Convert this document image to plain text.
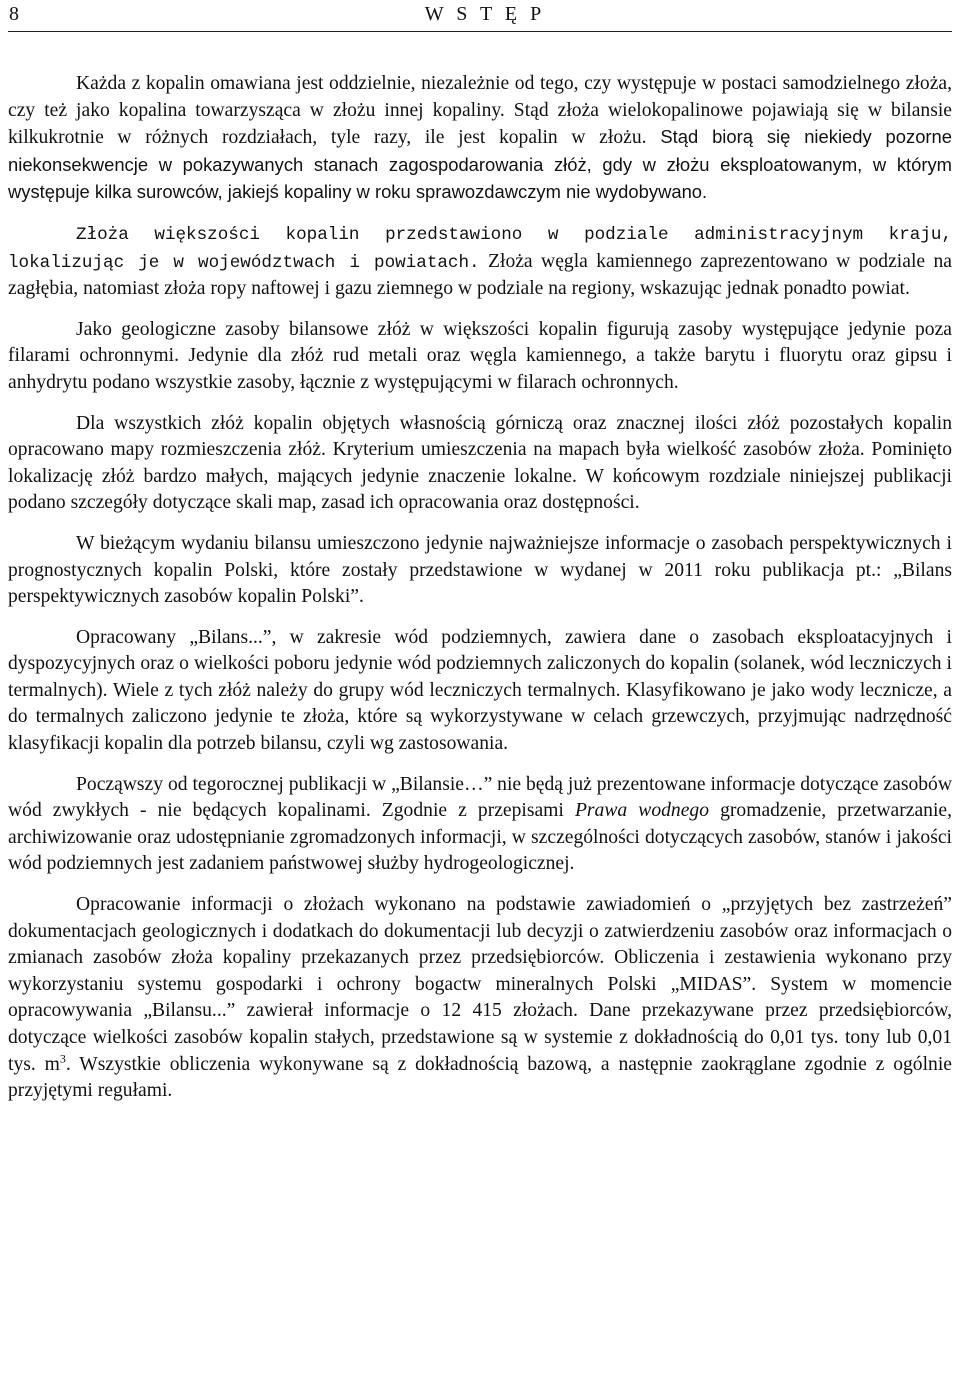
8	W S T Ę P

Każda z kopalin omawiana jest oddzielnie, niezależnie od tego, czy występuje w postaci samodzielnego złoża, czy też jako kopalina towarzysząca w złożu innej kopaliny. Stąd złoża wielokopalinowe pojawiają się w bilansie kilkukrotnie w różnych rozdziałach, tyle razy, ile jest kopalin w złożu. Stąd biorą się niekiedy pozorne niekonsekwencje w pokazywanych stanach zagospodarowania złóż, gdy w złożu eksploatowanym, w którym występuje kilka surowców, jakiejś kopaliny w roku sprawozdawczym nie wydobywano.

Złoża większości kopalin przedstawiono w podziale administracyjnym kraju, lokalizując je w województwach i powiatach. Złoża węgla kamiennego zaprezentowano w podziale na zagłębia, natomiast złoża ropy naftowej i gazu ziemnego w podziale na regiony, wskazując jednak ponadto powiat.

Jako geologiczne zasoby bilansowe złóż w większości kopalin figurują zasoby występujące jedynie poza filarami ochronnymi. Jedynie dla złóż rud metali oraz węgla kamiennego, a także barytu i fluorytu oraz gipsu i anhydrytu podano wszystkie zasoby, łącznie z występującymi w filarach ochronnych.

Dla wszystkich złóż kopalin objętych własnością górniczą oraz znacznej ilości złóż pozostałych kopalin opracowano mapy rozmieszczenia złóż. Kryterium umieszczenia na mapach była wielkość zasobów złoża. Pominięto lokalizację złóż bardzo małych, mających jedynie znaczenie lokalne. W końcowym rozdziale niniejszej publikacji podano szczegóły dotyczące skali map, zasad ich opracowania oraz dostępności.

W bieżącym wydaniu bilansu umieszczono jedynie najważniejsze informacje o zasobach perspektywicznych i prognostycznych kopalin Polski, które zostały przedstawione w wydanej w 2011 roku publikacja pt.: „Bilans perspektywicznych zasobów kopalin Polski”.

Opracowany „Bilans...”, w zakresie wód podziemnych, zawiera dane o zasobach eksploatacyjnych i dyspozycyjnych oraz o wielkości poboru jedynie wód podziemnych zaliczonych do kopalin (solanek, wód leczniczych i termalnych). Wiele z tych złóż należy do grupy wód leczniczych termalnych. Klasyfikowano je jako wody lecznicze, a do termalnych zaliczono jedynie te złoża, które są wykorzystywane w celach grzewczych, przyjmując nadrzędność klasyfikacji kopalin dla potrzeb bilansu, czyli wg zastosowania.

Począwszy od tegorocznej publikacji w „Bilansie…” nie będą już prezentowane informacje dotyczące zasobów wód zwykłych - nie będących kopalinami. Zgodnie z przepisami Prawa wodnego gromadzenie, przetwarzanie, archiwizowanie oraz udostępnianie zgromadzonych informacji, w szczególności dotyczących zasobów, stanów i jakości wód podziemnych jest zadaniem państwowej służby hydrogeologicznej.

Opracowanie informacji o złożach wykonano na podstawie zawiadomień o „przyjętych bez zastrzeżeń” dokumentacjach geologicznych i dodatkach do dokumentacji lub decyzji o zatwierdzeniu zasobów oraz informacjach o zmianach zasobów złoża kopaliny przekazanych przez przedsiębiorców. Obliczenia i zestawienia wykonano przy wykorzystaniu systemu gospodarki i ochrony bogactw mineralnych Polski „MIDAS”. System w momencie opracowywania „Bilansu...” zawierał informacje o 12 415 złożach. Dane przekazywane przez przedsiębiorców, dotyczące wielkości zasobów kopalin stałych, przedstawione są w systemie z dokładnością do 0,01 tys. tony lub 0,01 tys. $m^3$. Wszystkie obliczenia wykonywane są z dokładnością bazową, a następnie zaokrąglane zgodnie z ogólnie przyjętymi regułami.
